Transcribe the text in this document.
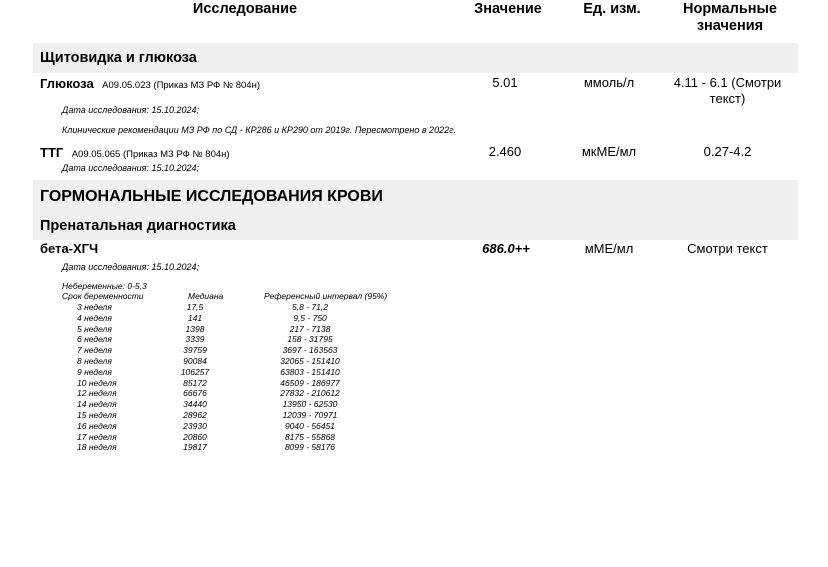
Исследование	Значение	Ед. изм.	Нормальные
значения
Щитовидка и глюкоза
Глюкоза А09.05.023 (Приказ МЗ РФ № 804н)	5.01	ммоль/л	4.11 - 6.1 (Смотри
текст)
Дата исследования: 15.10.2024;
Клинические рекомендации МЗ РФ по СД - КР286 и КР290 от 2019г. Пересмотрено в 2022г.
ТТГ А09.05.065 (Приказ МЗ РФ № 804н)	2.460	мкМЕ/мл	0.27-4.2
Дата исследования: 15.10.2024;
ГОРМОНАЛЬНЫЕ ИССЛЕДОВАНИЯ КРОВИ
Пренатальная диагностика
бета-ХГЧ	686.0++	мМЕ/мл	Смотри текст
Дата исследования: 15.10.2024;
Небеременные: 0-5,3
Срок беременности	Медиана	Референсный интервал (95%)
3 неделя	17,5	5,8 - 71,2
4 неделя	141	9,5 - 750
5 неделя	1398	217 - 7138
6 неделя	3339	158 - 31795
7 неделя	39759	3697 - 163563
8 неделя	90084	32065 - 151410
9 неделя	106257	63803 - 151410
10 неделя	85172	46509 - 186977
12 неделя	66676	27832 - 210612
14 неделя	34440	13950 - 62530
15 неделя	28962	12039 - 70971
16 неделя	23930	9040 - 56451
17 неделя	20860	8175 - 55868
18 неделя	19817	8099 - 58176
